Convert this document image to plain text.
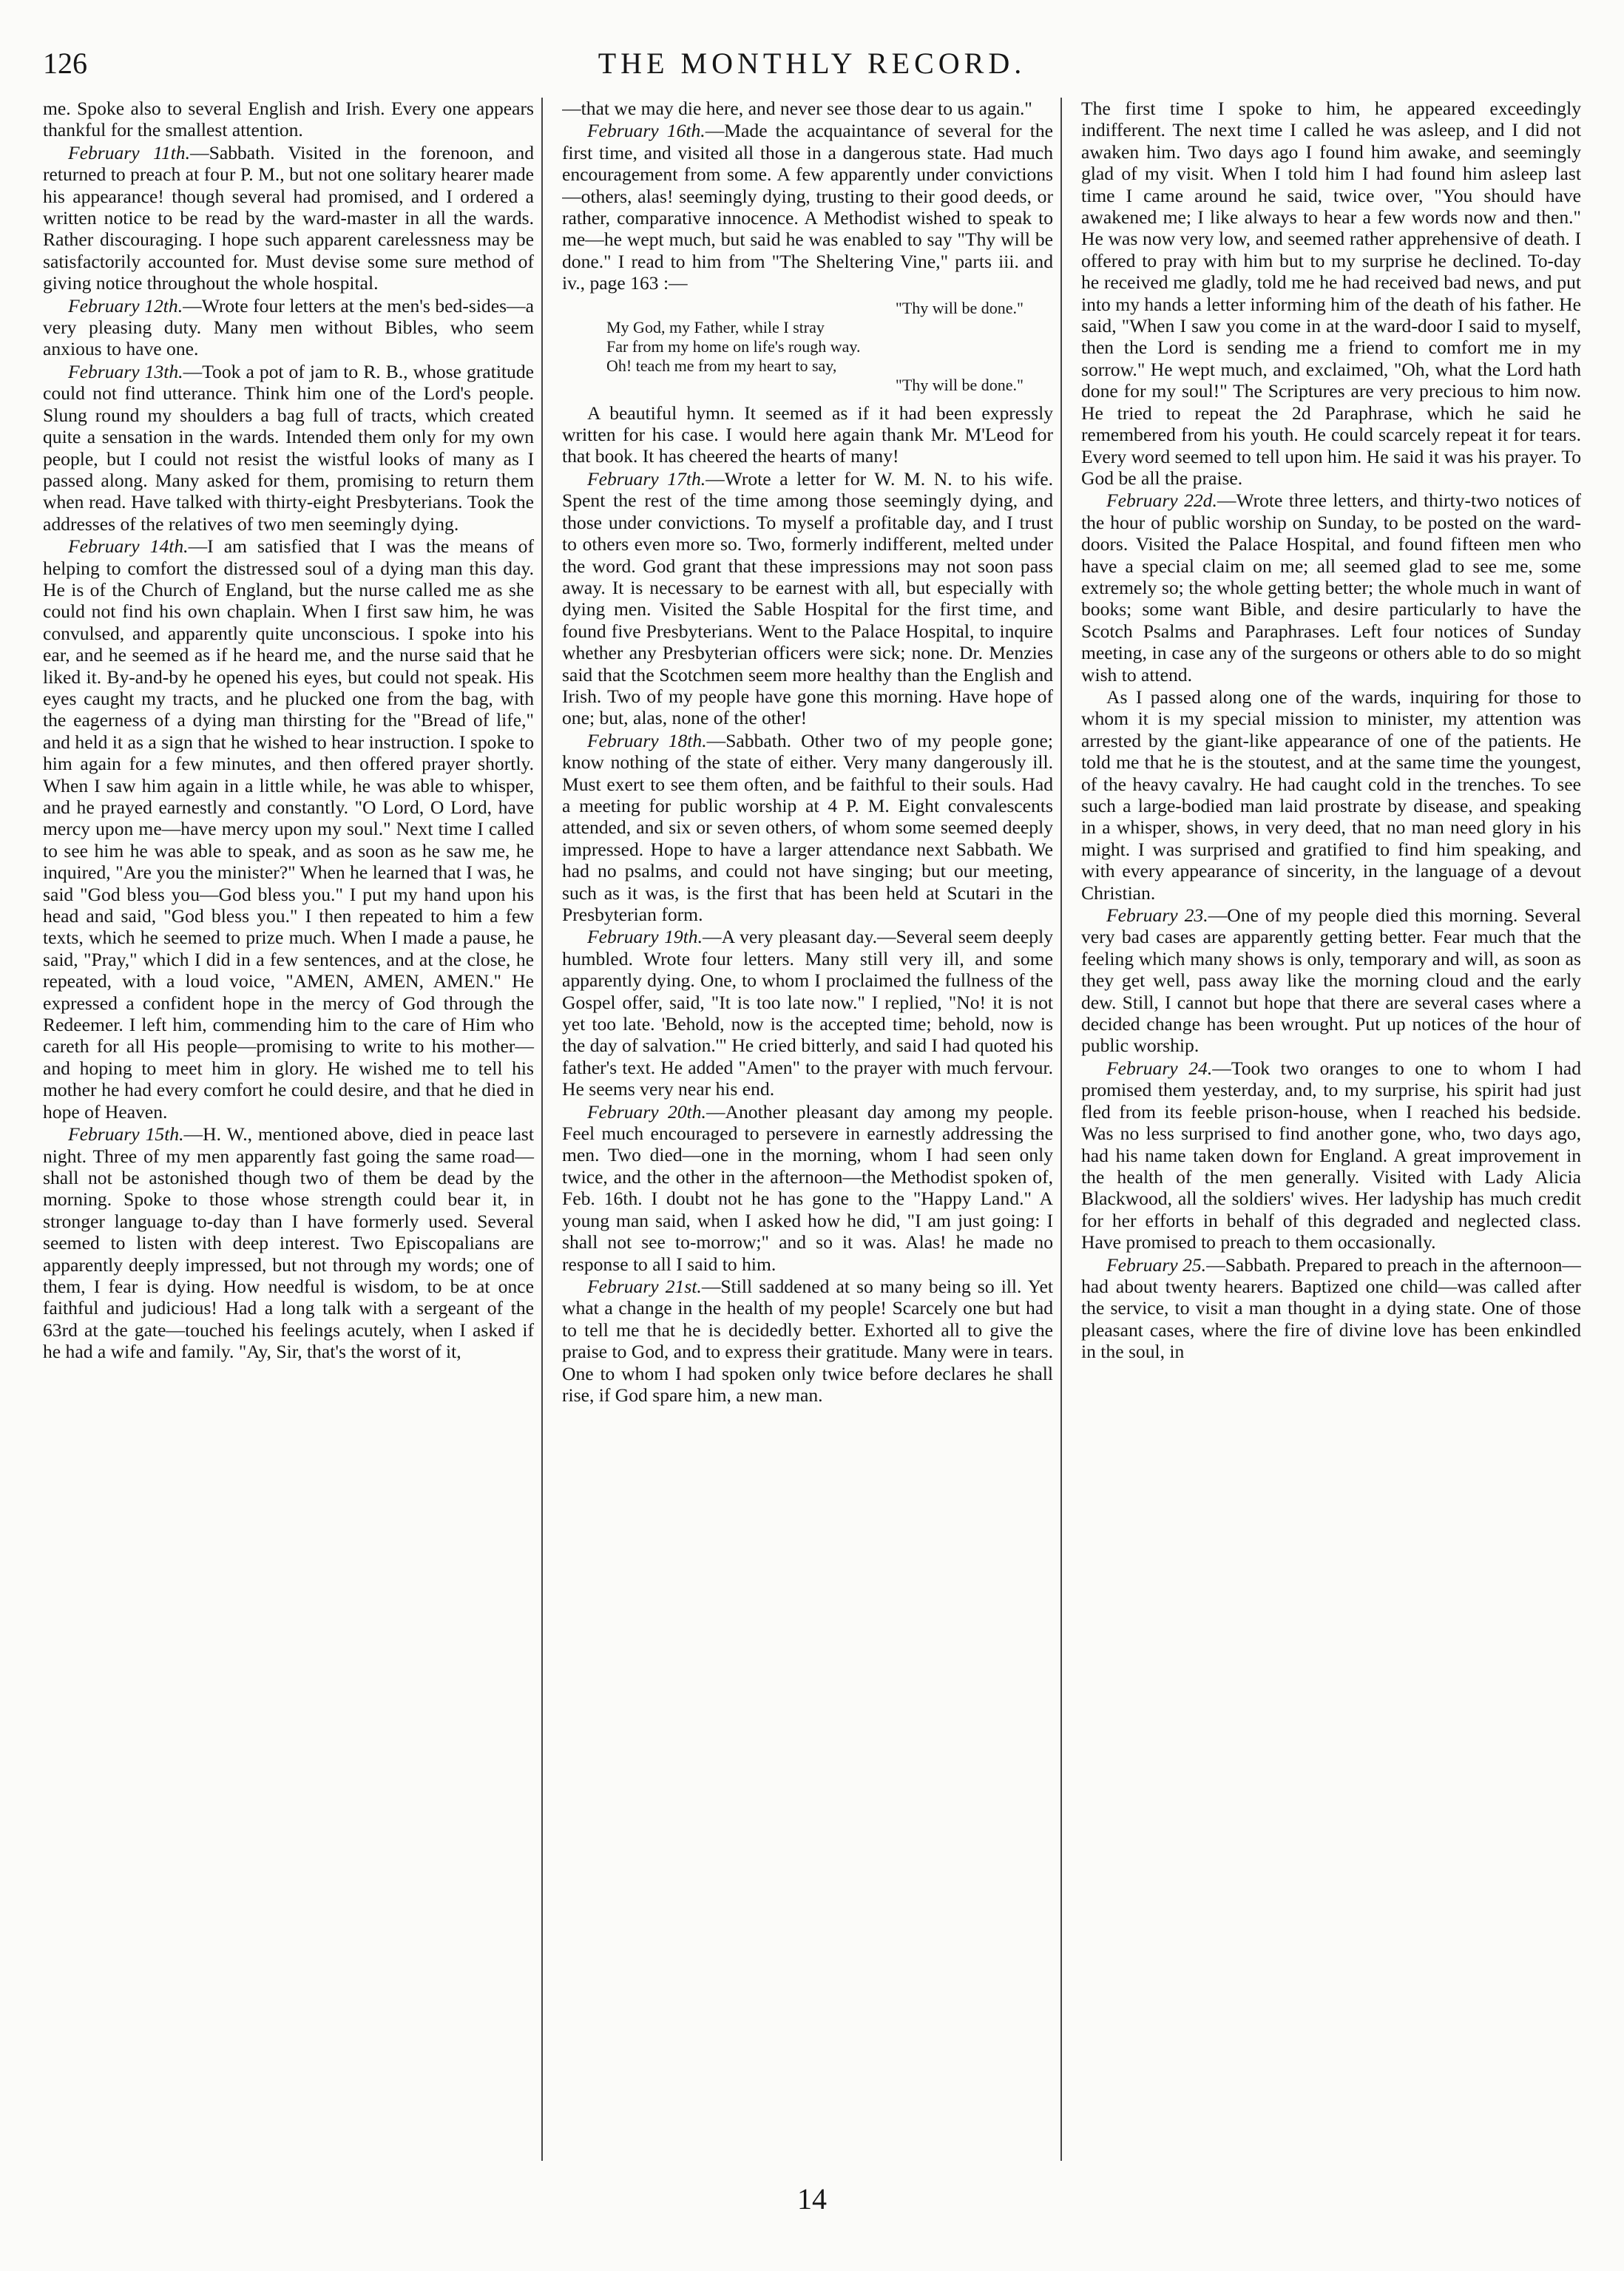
126	THE MONTHLY RECORD.

me. Spoke also to several English and Irish. Every one appears thankful for the smallest attention.

February 11th.—Sabbath. Visited in the forenoon, and returned to preach at four P. M., but not one solitary hearer made his appearance! though several had promised, and I ordered a written notice to be read by the ward-master in all the wards. Rather discouraging. I hope such apparent carelessness may be satisfactorily accounted for. Must devise some sure method of giving notice throughout the whole hospital.

February 12th.—Wrote four letters at the men's bed-sides—a very pleasing duty. Many men without Bibles, who seem anxious to have one.

February 13th.—Took a pot of jam to R. B., whose gratitude could not find utterance. Think him one of the Lord's people. Slung round my shoulders a bag full of tracts, which created quite a sensation in the wards. Intended them only for my own people, but I could not resist the wistful looks of many as I passed along. Many asked for them, promising to return them when read. Have talked with thirty-eight Presbyterians. Took the addresses of the relatives of two men seemingly dying.

February 14th.—I am satisfied that I was the means of helping to comfort the distressed soul of a dying man this day. He is of the Church of England, but the nurse called me as she could not find his own chaplain. When I first saw him, he was convulsed, and apparently quite unconscious. I spoke into his ear, and he seemed as if he heard me, and the nurse said that he liked it. By-and-by he opened his eyes, but could not speak. His eyes caught my tracts, and he plucked one from the bag, with the eagerness of a dying man thirsting for the "Bread of life," and held it as a sign that he wished to hear instruction. I spoke to him again for a few minutes, and then offered prayer shortly. When I saw him again in a little while, he was able to whisper, and he prayed earnestly and constantly. "O Lord, O Lord, have mercy upon me—have mercy upon my soul." Next time I called to see him he was able to speak, and as soon as he saw me, he inquired, "Are you the minister?" When he learned that I was, he said "God bless you—God bless you." I put my hand upon his head and said, "God bless you." I then repeated to him a few texts, which he seemed to prize much. When I made a pause, he said, "Pray," which I did in a few sentences, and at the close, he repeated, with a loud voice, "AMEN, AMEN, AMEN." He expressed a confident hope in the mercy of God through the Redeemer. I left him, commending him to the care of Him who careth for all His people—promising to write to his mother—and hoping to meet him in glory. He wished me to tell his mother he had every comfort he could desire, and that he died in hope of Heaven.

February 15th.—H. W., mentioned above, died in peace last night. Three of my men apparently fast going the same road—shall not be astonished though two of them be dead by the morning. Spoke to those whose strength could bear it, in stronger language to-day than I have formerly used. Several seemed to listen with deep interest. Two Episcopalians are apparently deeply impressed, but not through my words; one of them, I fear is dying. How needful is wisdom, to be at once faithful and judicious! Had a long talk with a sergeant of the 63rd at the gate—touched his feelings acutely, when I asked if he had a wife and family. "Ay, Sir, that's the worst of it,

—that we may die here, and never see those dear to us again."

February 16th.—Made the acquaintance of several for the first time, and visited all those in a dangerous state. Had much encouragement from some. A few apparently under convictions—others, alas! seemingly dying, trusting to their good deeds, or rather, comparative innocence. A Methodist wished to speak to me—he wept much, but said he was enabled to say "Thy will be done." I read to him from "The Sheltering Vine," parts iii. and iv., page 163 :—

"Thy will be done."
My God, my Father, while I stray
Far from my home on life's rough way.
Oh! teach me from my heart to say,
"Thy will be done."

A beautiful hymn. It seemed as if it had been expressly written for his case. I would here again thank Mr. M'Leod for that book. It has cheered the hearts of many!

February 17th.—Wrote a letter for W. M. N. to his wife. Spent the rest of the time among those seemingly dying, and those under convictions. To myself a profitable day, and I trust to others even more so. Two, formerly indifferent, melted under the word. God grant that these impressions may not soon pass away. It is necessary to be earnest with all, but especially with dying men. Visited the Sable Hospital for the first time, and found five Presbyterians. Went to the Palace Hospital, to inquire whether any Presbyterian officers were sick; none. Dr. Menzies said that the Scotchmen seem more healthy than the English and Irish. Two of my people have gone this morning. Have hope of one; but, alas, none of the other!

February 18th.—Sabbath. Other two of my people gone; know nothing of the state of either. Very many dangerously ill. Must exert to see them often, and be faithful to their souls. Had a meeting for public worship at 4 P. M. Eight convalescents attended, and six or seven others, of whom some seemed deeply impressed. Hope to have a larger attendance next Sabbath. We had no psalms, and could not have singing; but our meeting, such as it was, is the first that has been held at Scutari in the Presbyterian form.

February 19th.—A very pleasant day.—Several seem deeply humbled. Wrote four letters. Many still very ill, and some apparently dying. One, to whom I proclaimed the fullness of the Gospel offer, said, "It is too late now." I replied, "No! it is not yet too late. 'Behold, now is the accepted time; behold, now is the day of salvation.'" He cried bitterly, and said I had quoted his father's text. He added "Amen" to the prayer with much fervour. He seems very near his end.

February 20th.—Another pleasant day among my people. Feel much encouraged to persevere in earnestly addressing the men. Two died—one in the morning, whom I had seen only twice, and the other in the afternoon—the Methodist spoken of, Feb. 16th. I doubt not he has gone to the "Happy Land." A young man said, when I asked how he did, "I am just going: I shall not see to-morrow;" and so it was. Alas! he made no response to all I said to him.

February 21st.—Still saddened at so many being so ill. Yet what a change in the health of my people! Scarcely one but had to tell me that he is decidedly better. Exhorted all to give the praise to God, and to express their gratitude. Many were in tears. One to whom I had spoken only twice before declares he shall rise, if God spare him, a new man.

The first time I spoke to him, he appeared exceedingly indifferent. The next time I called he was asleep, and I did not awaken him. Two days ago I found him awake, and seemingly glad of my visit. When I told him I had found him asleep last time I came around he said, twice over, "You should have awakened me; I like always to hear a few words now and then." He was now very low, and seemed rather apprehensive of death. I offered to pray with him but to my surprise he declined. To-day he received me gladly, told me he had received bad news, and put into my hands a letter informing him of the death of his father. He said, "When I saw you come in at the ward-door I said to myself, then the Lord is sending me a friend to comfort me in my sorrow." He wept much, and exclaimed, "Oh, what the Lord hath done for my soul!" The Scriptures are very precious to him now. He tried to repeat the 2d Paraphrase, which he said he remembered from his youth. He could scarcely repeat it for tears. Every word seemed to tell upon him. He said it was his prayer. To God be all the praise.

February 22d.—Wrote three letters, and thirty-two notices of the hour of public worship on Sunday, to be posted on the ward-doors. Visited the Palace Hospital, and found fifteen men who have a special claim on me; all seemed glad to see me, some extremely so; the whole getting better; the whole much in want of books; some want Bible, and desire particularly to have the Scotch Psalms and Paraphrases. Left four notices of Sunday meeting, in case any of the surgeons or others able to do so might wish to attend.

As I passed along one of the wards, inquiring for those to whom it is my special mission to minister, my attention was arrested by the giant-like appearance of one of the patients. He told me that he is the stoutest, and at the same time the youngest, of the heavy cavalry. He had caught cold in the trenches. To see such a large-bodied man laid prostrate by disease, and speaking in a whisper, shows, in very deed, that no man need glory in his might. I was surprised and gratified to find him speaking, and with every appearance of sincerity, in the language of a devout Christian.

February 23.—One of my people died this morning. Several very bad cases are apparently getting better. Fear much that the feeling which many shows is only, temporary and will, as soon as they get well, pass away like the morning cloud and the early dew. Still, I cannot but hope that there are several cases where a decided change has been wrought. Put up notices of the hour of public worship.

February 24.—Took two oranges to one to whom I had promised them yesterday, and, to my surprise, his spirit had just fled from its feeble prison-house, when I reached his bedside. Was no less surprised to find another gone, who, two days ago, had his name taken down for England. A great improvement in the health of the men generally. Visited with Lady Alicia Blackwood, all the soldiers' wives. Her ladyship has much credit for her efforts in behalf of this degraded and neglected class. Have promised to preach to them occasionally.

February 25.—Sabbath. Prepared to preach in the afternoon—had about twenty hearers. Baptized one child—was called after the service, to visit a man thought in a dying state. One of those pleasant cases, where the fire of divine love has been enkindled in the soul, in

14
